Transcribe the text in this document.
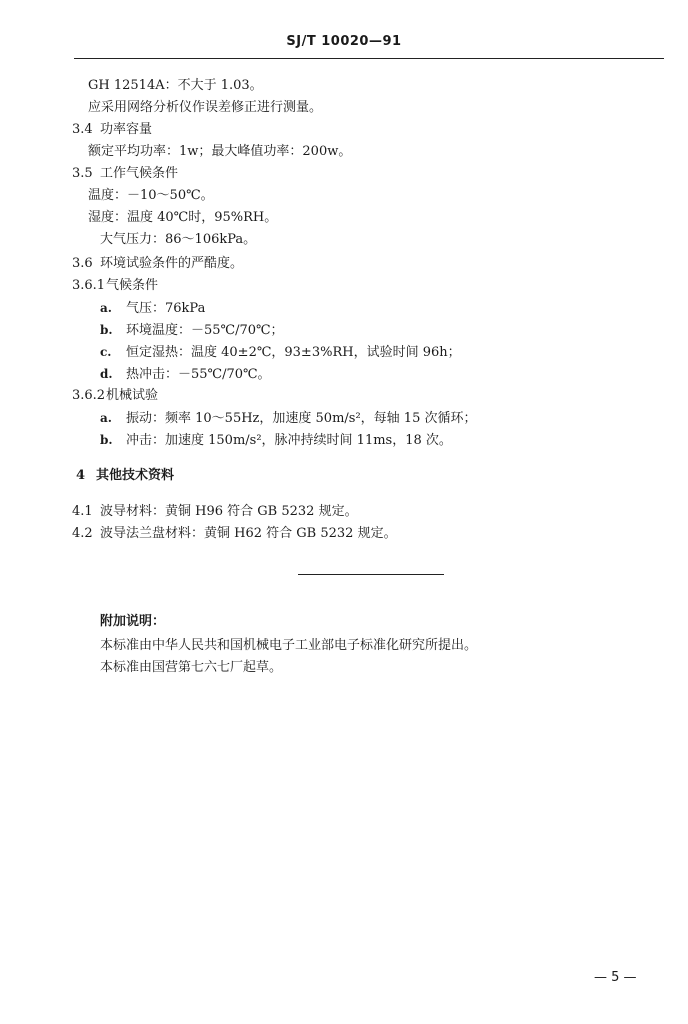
SJ/T 10020—91
GH 12514A：不大于 1.03。
应采用网络分析仪作误差修正进行测量。
3.4 功率容量
额定平均功率：1w；最大峰值功率：200w。
3.5 工作气候条件
温度：－10～50℃。
湿度：温度 40℃时，95%RH。
大气压力：86～106kPa。
3.6 环境试验条件的严酷度。
3.6.1气候条件
a. 气压：76kPa
b. 环境温度：－55℃/70℃；
c. 恒定湿热：温度 40±2℃，93±3%RH，试验时间 96h；
d. 热冲击：－55℃/70℃。
3.6.2机械试验
a. 振动：频率 10～55Hz，加速度 50m/s²，每轴 15 次循环；
b. 冲击：加速度 150m/s²，脉冲持续时间 11ms，18 次。
4 其他技术资料
4.1 波导材料：黄铜 H96 符合 GB 5232 规定。
4.2 波导法兰盘材料：黄铜 H62 符合 GB 5232 规定。
附加说明：
本标准由中华人民共和国机械电子工业部电子标准化研究所提出。
本标准由国营第七六七厂起草。
— 5 —
